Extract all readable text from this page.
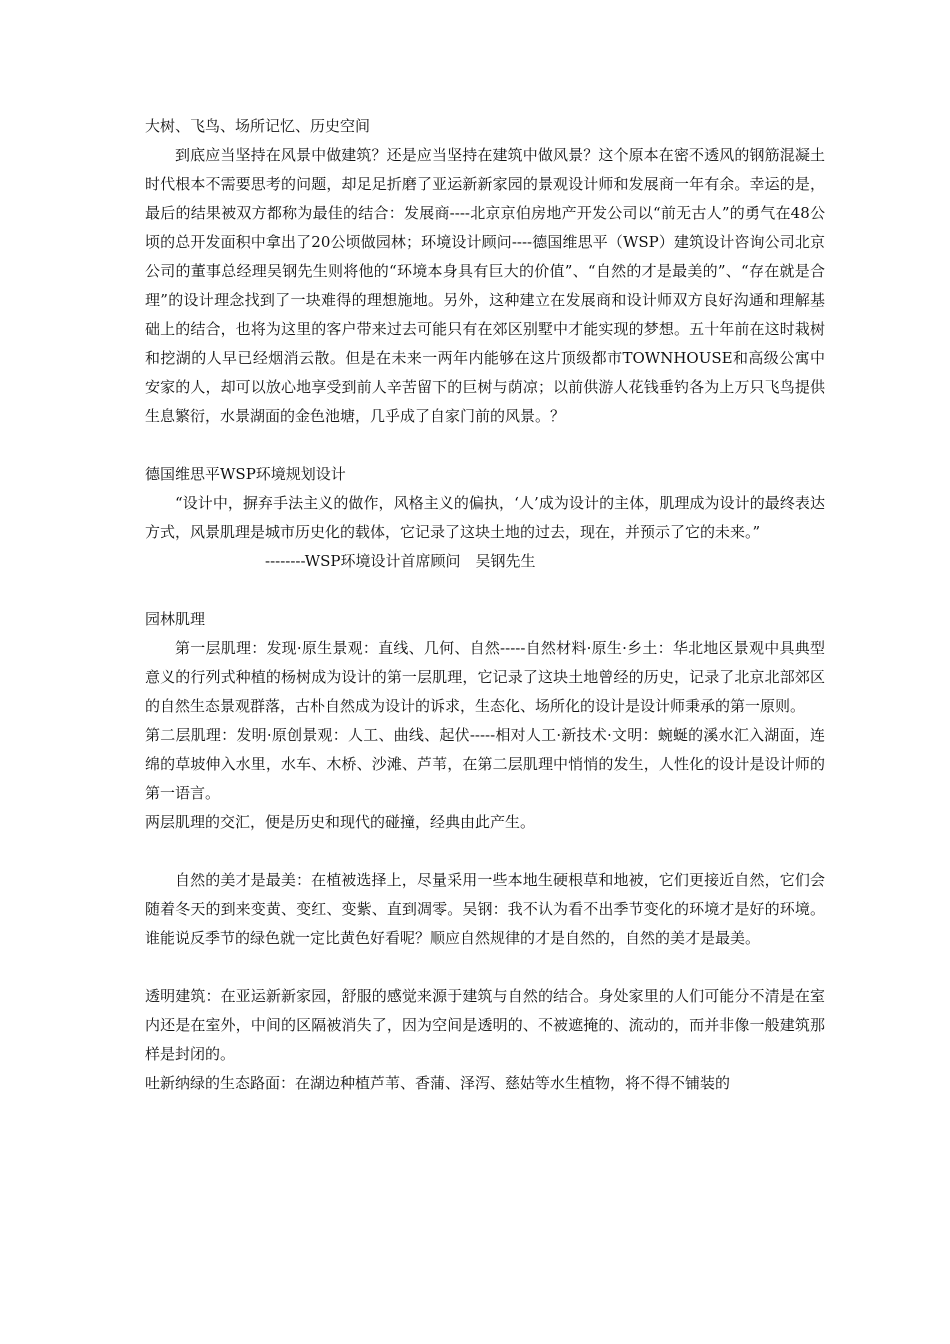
大树、飞鸟、场所记忆、历史空间

到底应当坚持在风景中做建筑？还是应当坚持在建筑中做风景？这个原本在密不透风的钢筋混凝土时代根本不需要思考的问题，却足足折磨了亚运新新家园的景观设计师和发展商一年有余。幸运的是，最后的结果被双方都称为最佳的结合：发展商----北京京伯房地产开发公司以“前无古人”的勇气在48公顷的总开发面积中拿出了20公顷做园林；环境设计顾问----德国维思平（WSP）建筑设计咨询公司北京公司的董事总经理吴钢先生则将他的“环境本身具有巨大的价值”、“自然的才是最美的”、“存在就是合理”的设计理念找到了一块难得的理想施地。另外，这种建立在发展商和设计师双方良好沟通和理解基础上的结合，也将为这里的客户带来过去可能只有在郊区别墅中才能实现的梦想。五十年前在这时栽树和挖湖的人早已经烟消云散。但是在未来一两年内能够在这片顶级都市TOWNHOUSE和高级公寓中安家的人，却可以放心地享受到前人辛苦留下的巨树与荫凉；以前供游人花钱垂钓各为上万只飞鸟提供生息繁衍，水景湖面的金色池塘，几乎成了自家门前的风景。？

德国维思平WSP环境规划设计

“设计中，摒弃手法主义的做作，风格主义的偏执，‘人’成为设计的主体，肌理成为设计的最终表达方式，风景肌理是城市历史化的载体，它记录了这块土地的过去，现在，并预示了它的未来。”

--------WSP环境设计首席顾问　吴钢先生

园林肌理

第一层肌理：发现·原生景观：直线、几何、自然-----自然材料·原生·乡土：华北地区景观中具典型意义的行列式种植的杨树成为设计的第一层肌理，它记录了这块土地曾经的历史，记录了北京北部郊区的自然生态景观群落，古朴自然成为设计的诉求，生态化、场所化的设计是设计师秉承的第一原则。

第二层肌理：发明·原创景观：人工、曲线、起伏-----相对人工·新技术·文明：蜿蜒的溪水汇入湖面，连绵的草坡伸入水里，水车、木桥、沙滩、芦苇，在第二层肌理中悄悄的发生，人性化的设计是设计师的第一语言。

两层肌理的交汇，便是历史和现代的碰撞，经典由此产生。

自然的美才是最美：在植被选择上，尽量采用一些本地生硬根草和地被，它们更接近自然，它们会随着冬天的到来变黄、变红、变紫、直到凋零。吴钢：我不认为看不出季节变化的环境才是好的环境。谁能说反季节的绿色就一定比黄色好看呢？顺应自然规律的才是自然的，自然的美才是最美。

透明建筑：在亚运新新家园，舒服的感觉来源于建筑与自然的结合。身处家里的人们可能分不清是在室内还是在室外，中间的区隔被消失了，因为空间是透明的、不被遮掩的、流动的，而并非像一般建筑那样是封闭的。

吐新纳绿的生态路面：在湖边种植芦苇、香蒲、泽泻、慈姑等水生植物，将不得不铺装的
